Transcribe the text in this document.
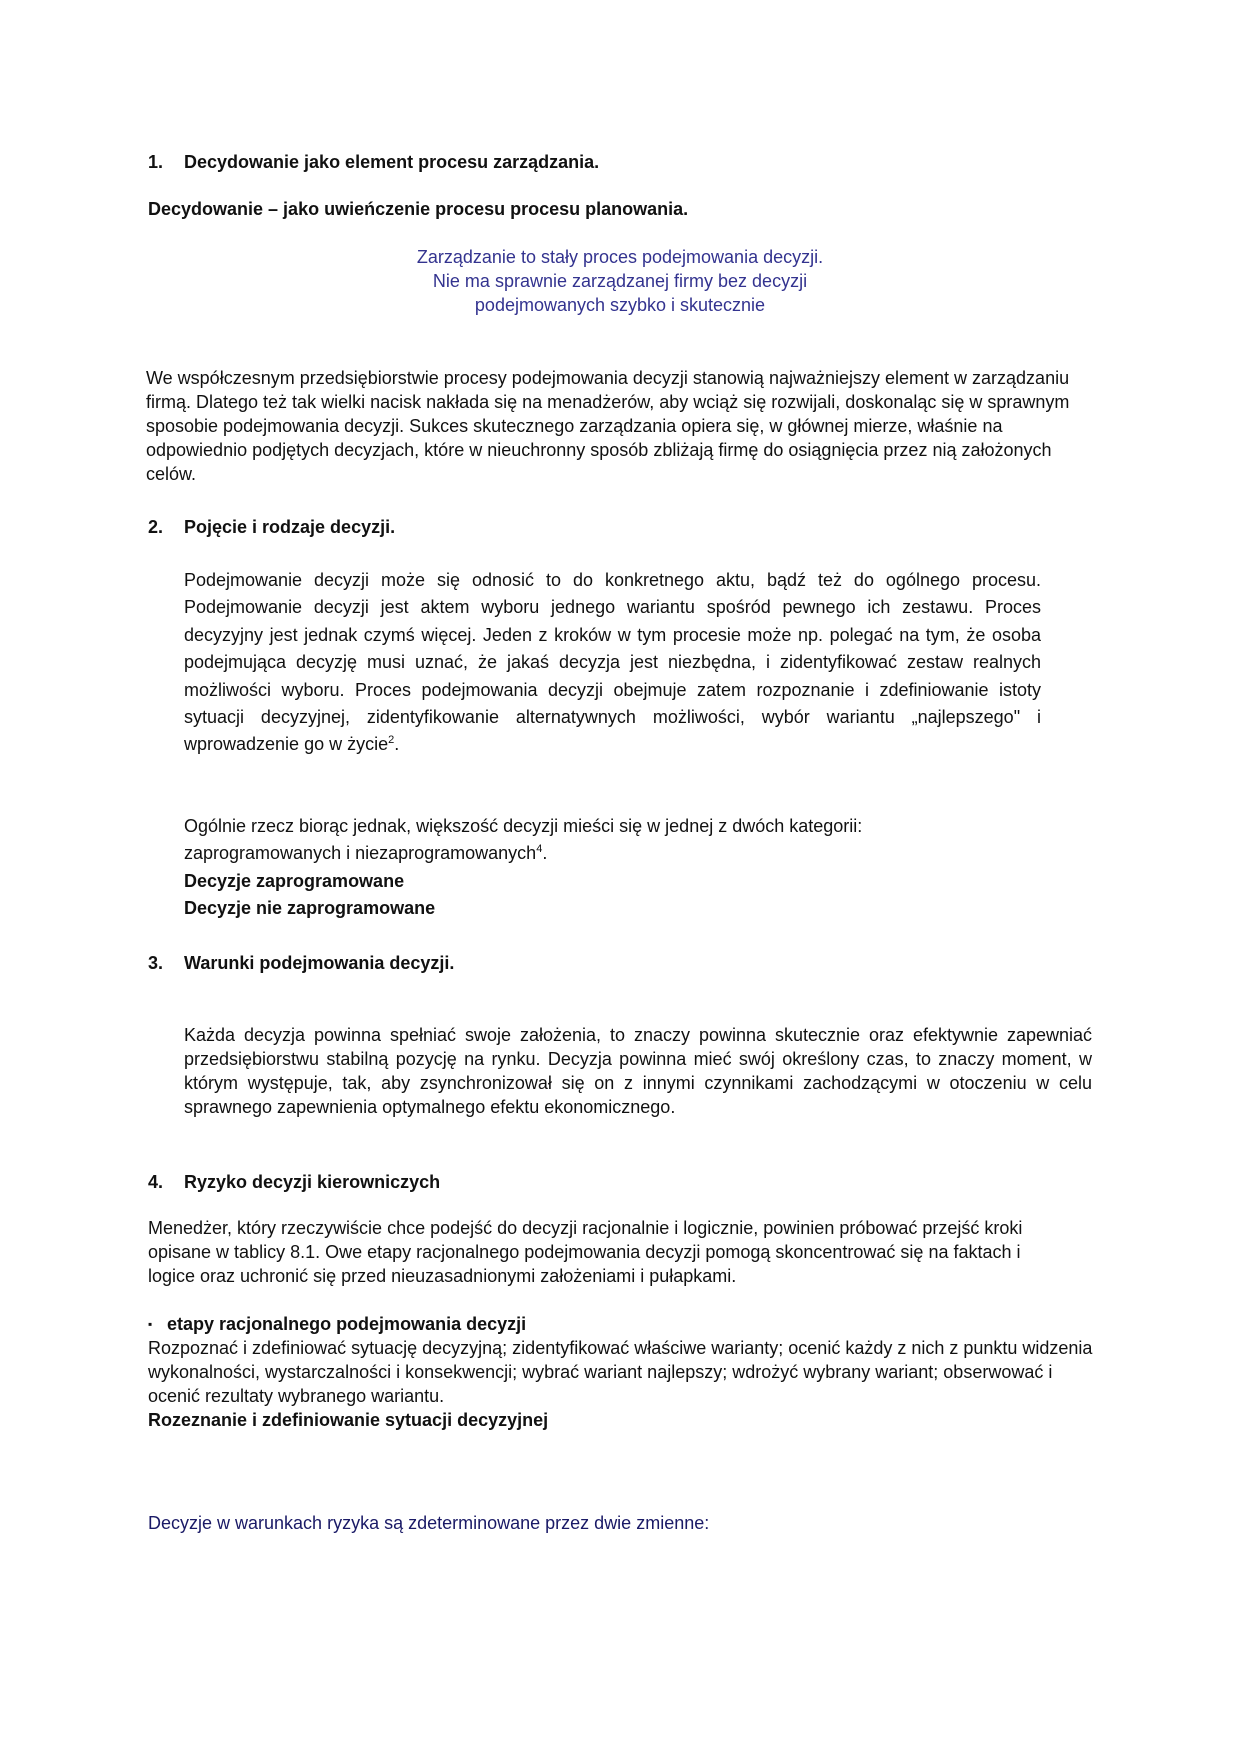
1. Decydowanie jako element procesu zarządzania.

Decydowanie – jako uwieńczenie procesu procesu planowania.

Zarządzanie to stały proces podejmowania decyzji.

Nie ma sprawnie zarządzanej firmy bez decyzji

podejmowanych szybko i skutecznie

We współczesnym przedsiębiorstwie procesy podejmowania decyzji stanowią najważniejszy element w zarządzaniu firmą. Dlatego też tak wielki nacisk nakłada się na menadżerów, aby wciąż się rozwijali, doskonaląc się w sprawnym sposobie podejmowania decyzji. Sukces skutecznego zarządzania opiera się, w głównej mierze, właśnie na odpowiednio podjętych decyzjach, które w nieuchronny sposób zbliżają firmę do osiągnięcia przez nią założonych celów.

2. Pojęcie i rodzaje decyzji.

Podejmowanie decyzji może się odnosić to do konkretnego aktu, bądź też do ogólnego procesu. Podejmowanie decyzji jest aktem wyboru jednego wariantu spośród pewnego ich zestawu. Proces decyzyjny jest jednak czymś więcej. Jeden z kroków w tym procesie może np. polegać na tym, że osoba podejmująca decyzję musi uznać, że jakaś decyzja jest niezbędna, i zidentyfikować zestaw realnych możliwości wyboru. Proces podejmowania decyzji obejmuje zatem rozpoznanie i zdefiniowanie istoty sytuacji decyzyjnej, zidentyfikowanie alternatywnych możliwości, wybór wariantu „najlepszego" i wprowadzenie go w życie$^2$.

Ogólnie rzecz biorąc jednak, większość decyzji mieści się w jednej z dwóch kategorii:
zaprogramowanych i niezaprogramowanych$^4$.

Decyzje zaprogramowane

Decyzje nie zaprogramowane

3. Warunki podejmowania decyzji.

Każda decyzja powinna spełniać swoje założenia, to znaczy powinna skutecznie oraz efektywnie zapewniać przedsiębiorstwu stabilną pozycję na rynku. Decyzja powinna mieć swój określony czas, to znaczy moment, w którym występuje, tak, aby zsynchronizował się on z innymi czynnikami zachodzącymi w otoczeniu w celu sprawnego zapewnienia optymalnego efektu ekonomicznego.

4. Ryzyko decyzji kierowniczych

Menedżer, który rzeczywiście chce podejść do decyzji racjonalnie i logicznie, powinien próbować przejść kroki opisane w tablicy 8.1. Owe etapy racjonalnego podejmowania decyzji pomogą skoncentrować się na faktach i logice oraz uchronić się przed nieuzasadnionymi założeniami i pułapkami.

▪ etapy racjonalnego podejmowania decyzji

Rozpoznać i zdefiniować sytuację decyzyjną; zidentyfikować właściwe warianty; ocenić każdy z nich z punktu widzenia wykonalności, wystarczalności i konsekwencji; wybrać wariant najlepszy; wdrożyć wybrany wariant; obserwować i ocenić rezultaty wybranego wariantu.

Rozeznanie i zdefiniowanie sytuacji decyzyjnej

Decyzje w warunkach ryzyka są zdeterminowane przez dwie zmienne:
